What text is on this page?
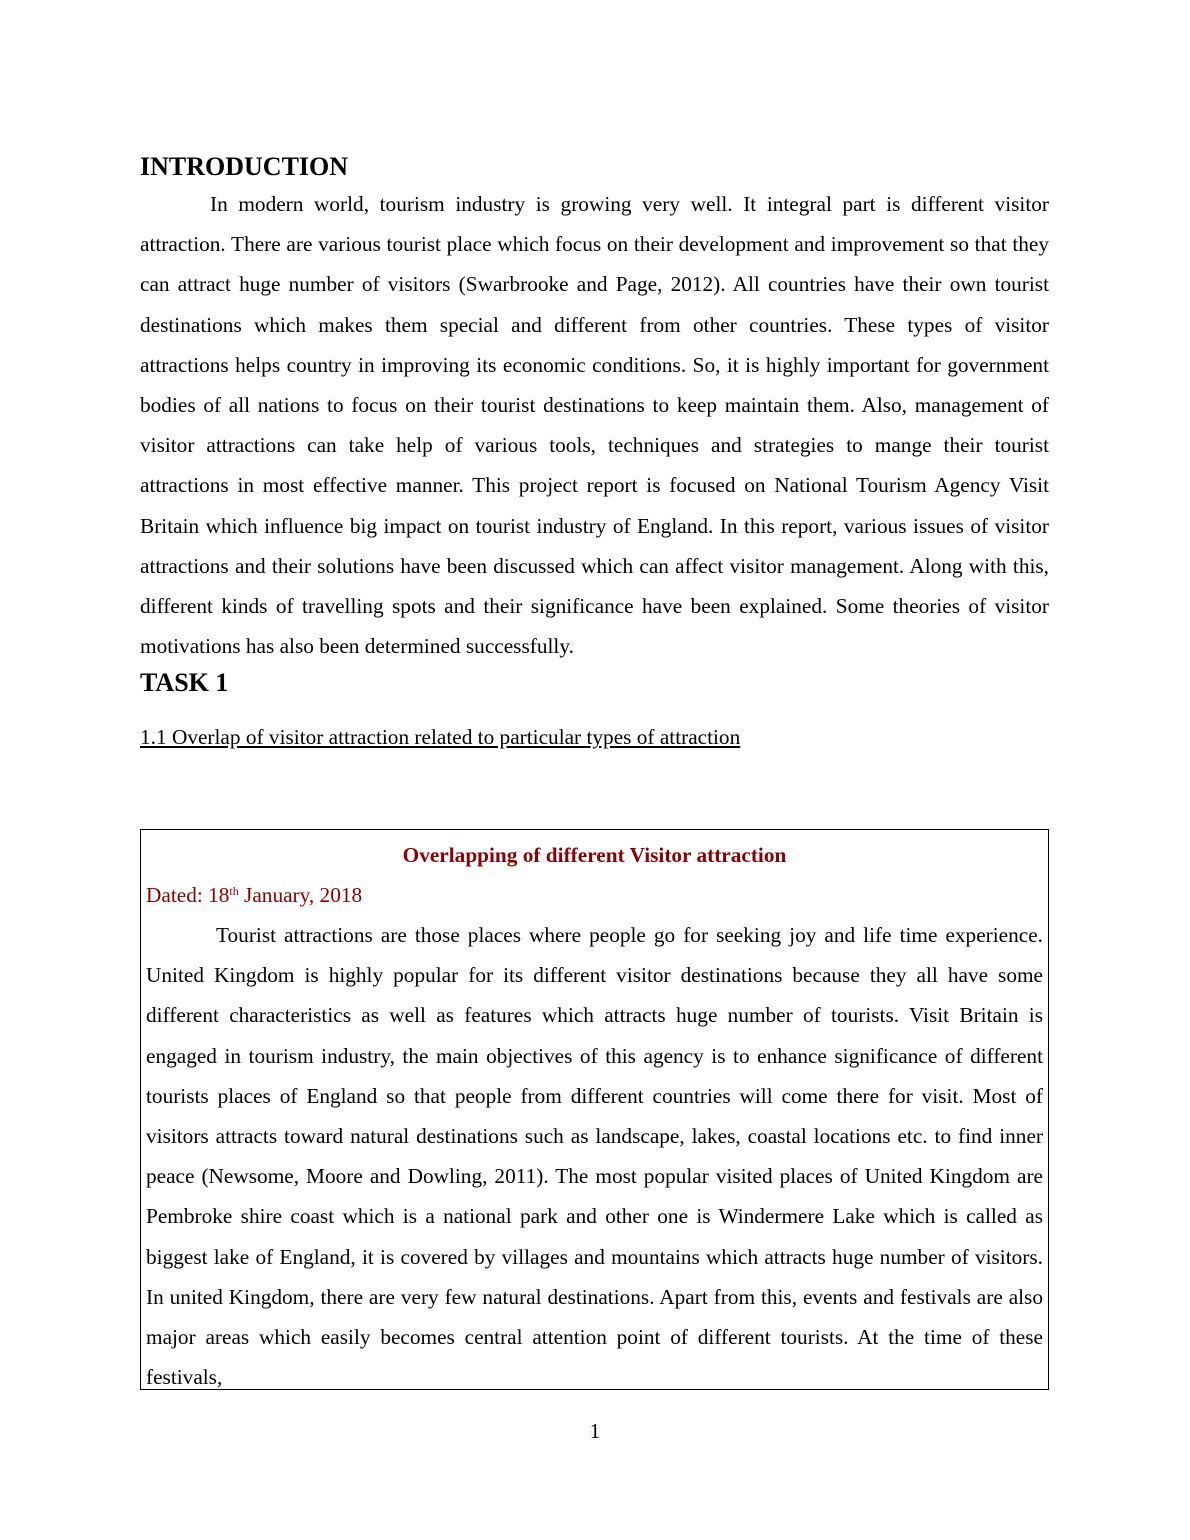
INTRODUCTION

In modern world, tourism industry is growing very well. It integral part is different visitor attraction. There are various tourist place which focus on their development and improvement so that they can attract huge number of visitors (Swarbrooke and Page, 2012). All countries have their own tourist destinations which makes them special and different from other countries. These types of visitor attractions helps country in improving its economic conditions. So, it is highly important for government bodies of all nations to focus on their tourist destinations to keep maintain them. Also, management of visitor attractions can take help of various tools, techniques and strategies to mange their tourist attractions in most effective manner. This project report is focused on National Tourism Agency Visit Britain which influence big impact on tourist industry of England. In this report, various issues of visitor attractions and their solutions have been discussed which can affect visitor management. Along with this, different kinds of travelling spots and their significance have been explained. Some theories of visitor motivations has also been determined successfully.

TASK 1

1.1 Overlap of visitor attraction related to particular types of attraction

Overlapping of different Visitor attraction

Dated: 18th January, 2018

Tourist attractions are those places where people go for seeking joy and life time experience. United Kingdom is highly popular for its different visitor destinations because they all have some different characteristics as well as features which attracts huge number of tourists. Visit Britain is engaged in tourism industry, the main objectives of this agency is to enhance significance of different tourists places of England so that people from different countries will come there for visit. Most of visitors attracts toward natural destinations such as landscape, lakes, coastal locations etc. to find inner peace (Newsome, Moore and Dowling, 2011). The most popular visited places of United Kingdom are Pembroke shire coast which is a national park and other one is Windermere Lake which is called as biggest lake of England, it is covered by villages and mountains which attracts huge number of visitors. In united Kingdom, there are very few natural destinations. Apart from this, events and festivals are also major areas which easily becomes central attention point of different tourists. At the time of these festivals,

1
